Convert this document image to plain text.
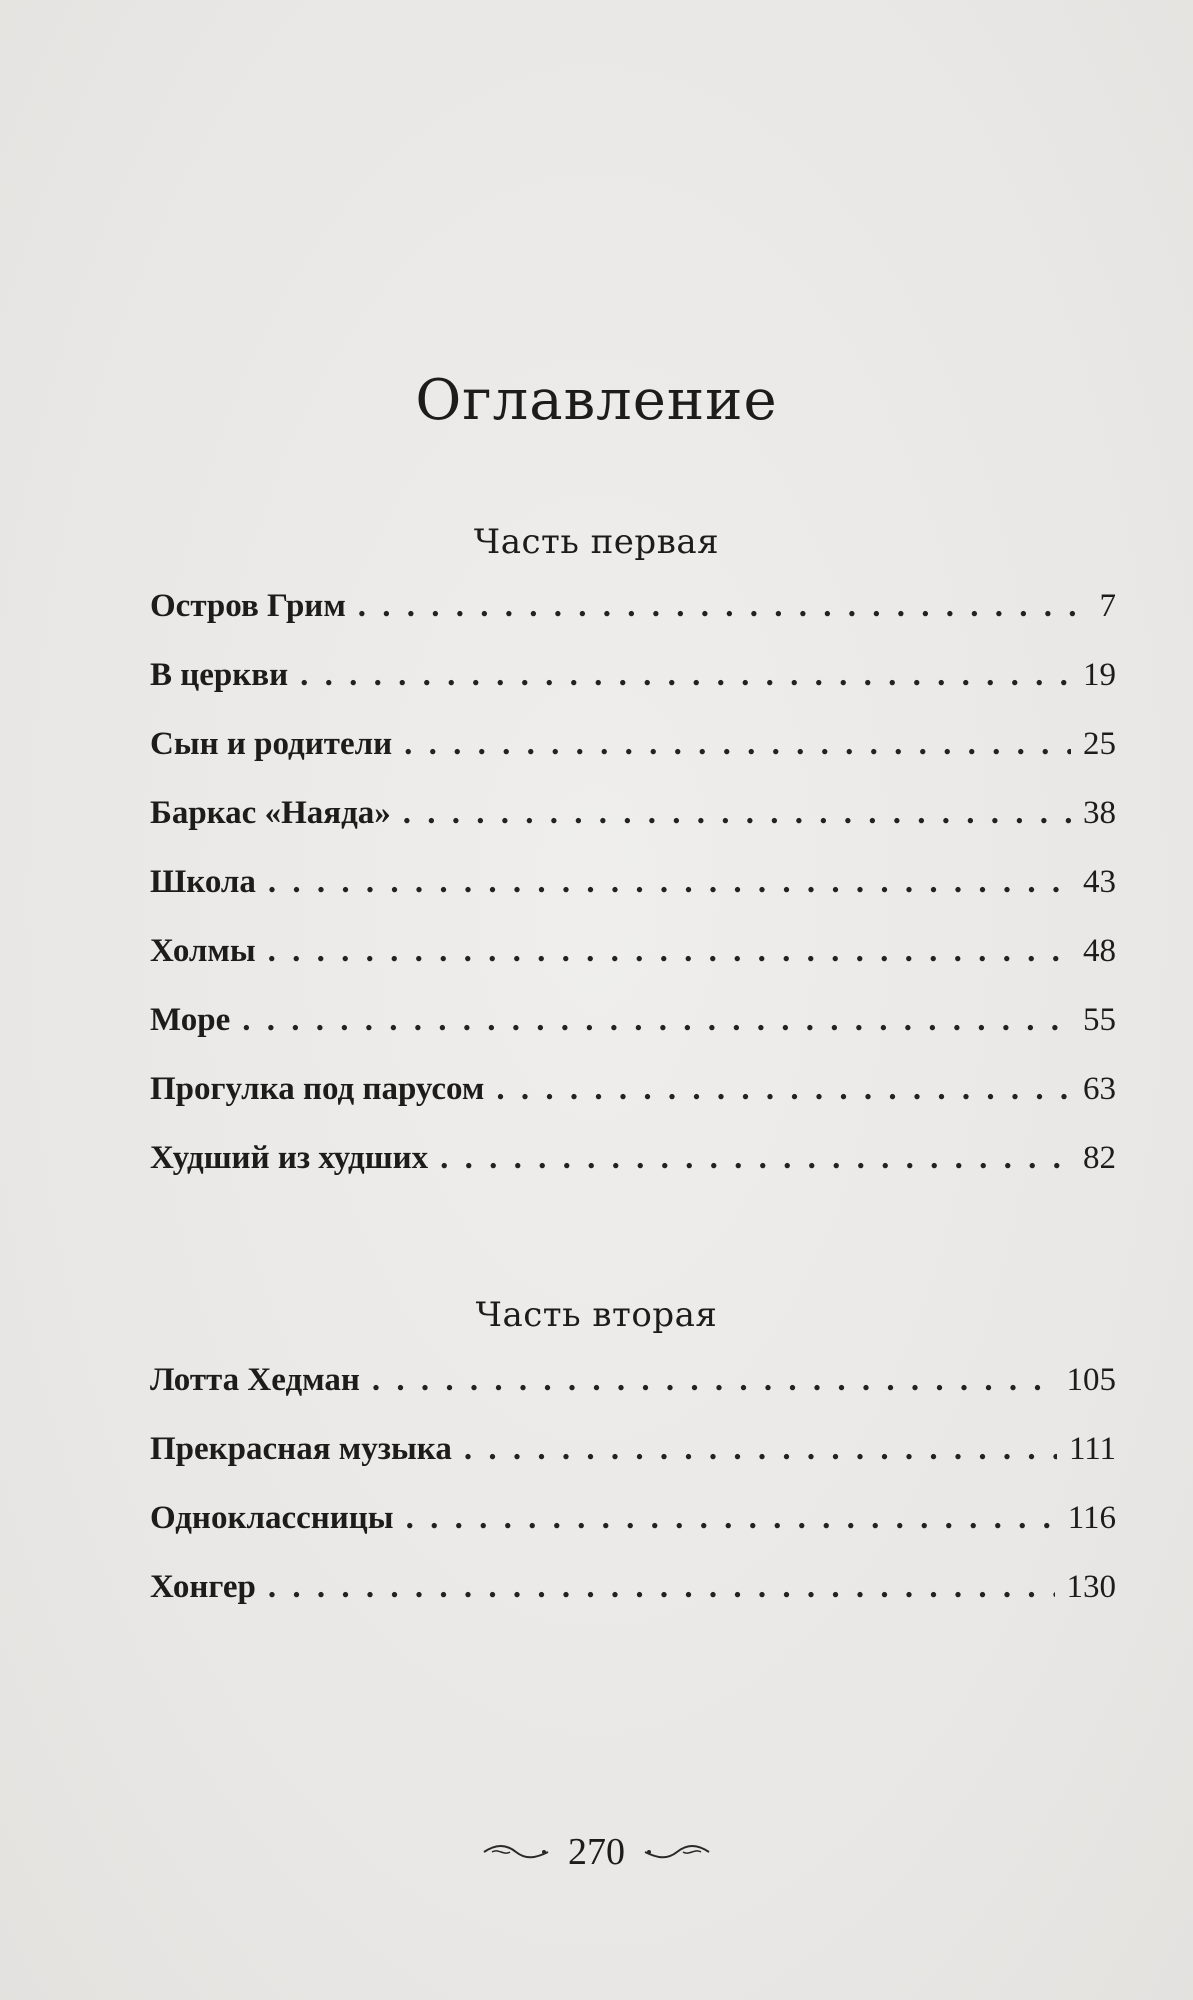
Оглавление
Часть первая
Остров Грим . . .	7
В церкви . . .	19
Сын и родители . . .	25
Баркас «Наяда» . . .	38
Школа . . .	43
Холмы . . .	48
Море . . .	55
Прогулка под парусом . . .	63
Худший из худших . . .	82
Часть вторая
Лотта Хедман . . .	105
Прекрасная музыка . . .	111
Одноклассницы . . .	116
Хонгер . . .	130
270
